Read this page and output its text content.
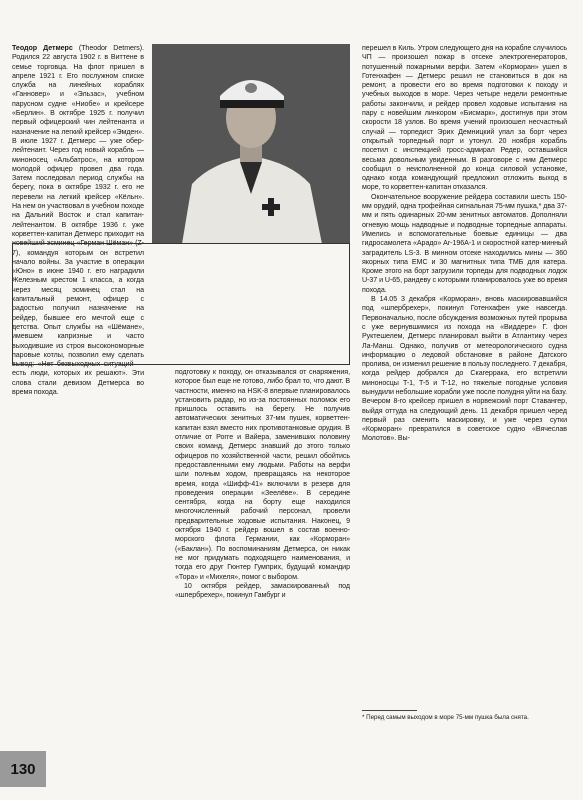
Теодор Детмерс (Theodor Detmers). Родился 22 августа 1902 г. в Виттене в семье торговца. На флот пришел в апреле 1921 г. Его послужном списке служба на линейных кораблях «Ганновер» и «Эльзас», учебном парусном судне «Ниобе» и крейсере «Берлин». В октябре 1925 г. получил первый офицерский чин лейтенанта и назначение на легкий крейсер «Эмден». В июле 1927 г. Детмерс — уже обер-лейтенант. Через год новый корабль — миноносец «Альбатрос», на котором молодой офицер провел два года. Затем последовал период службы на берегу, пока в октябре 1932 г. его не перевели на легкий крейсер «Кёльн». На нем он участвовал в учебном походе на Дальний Восток и стал капитан-лейтенантом. В октябре 1936 г. уже корветтен-капитан Детмерс приходит на новейший эсминец «Герман Шёман» (Z-7), командуя которым он встретил начало войны. За участие в операции «Юно» в июне 1940 г. его наградили Железным крестом 1 класса, а когда через месяц эсминец стал на капитальный ремонт, офицер с радостью получил назначение на рейдер, бывшее его мечтой еще с детства. Опыт службы на «Шёмане», имевшем капризные и часто выходившие из строя высокономорные паровые котлы, позволил ему сделать вывод: «Нет безвыходных ситуаций — есть люди, которых их решают». Эти слова стали девизом Детмерса во время похода.

подготовку к походу, он отказывался от снаряжения, которое был еще не готово, либо брал то, что дают. В частности, именно на HSK-8 впервые планировалось установить радар, но из-за постоянных поломок его пришлось оставить на берегу. Не получив автоматических зенитных 37-мм пушек, корветтен-капитан взял вместо них противотанковые орудия. В отличие от Рогге и Вайера, заменивших половину своих команд, Детмерс знавший до этого только офицеров по хозяйственной части, решил обойтись предоставленными ему людьми. Работы на верфи шли полным ходом, превращаясь на некоторое время, когда «Шифф-41» включили в резерв для проведения операции «Зеелёве». В середине сентября, когда на борту еще находился многочисленный рабочий персонал, провели предварительные ходовые испытания. Наконец, 9 октября 1940 г. рейдер вошел в состав военно-морского флота Германии, как «Корморан» («Баклан»). По воспоминаниям Детмерса, он никак не мог придумать подходящего наименования, и тогда его друг Гюнтер Гумприх, будущий командир «Тора» и «Михеля», помог с выбором.

10 октября рейдер, замаскированный под «шпербрехер», покинул Гамбург и

перешел в Киль. Утром следующего дня на корабле случилось ЧП — произошел пожар в отсеке электрогенераторов, потушенный пожарными верфи. Затем «Корморан» ушел в Готенхафен — Детмерс решил не становиться в док на ремонт, а провести его во время подготовки к походу и учебных выходов в море. Через четыре недели ремонтные работы закончили, и рейдер провел ходовые испытания на пару с новейшим линкором «Бисмарк», достигнув при этом скорости 18 узлов. Во время учений произошел несчастный случай — торпедист Эрих Демницкий упал за борт через открытый торпедный порт и утонул. 20 ноября корабль посетил с инспекцией гросс-адмирал Редер, оставшийся весьма довольным увиденным. В разговоре с ним Детмерс сообщил о неисполненной до конца силовой установке, однако когда командующий предложил отложить выход в море, то корветтен-капитан отказался.

Окончательное вооружение рейдера составили шесть 150-мм орудий, одна трофейная сигнальная 75-мм пушка,* два 37-мм и пять одинарных 20-мм зенитных автоматов. Дополняли огневую мощь надводные и подводные торпедные аппараты. Имелись и вспомогательные боевые единицы — два гидросамолета «Арадо» Ar-196A-1 и скоростной катер-минный заградитель LS-3. В минном отсеке находились мины — 360 якорных типа ЕМС и 30 магнитных типа ТМБ для катера. Кроме этого на борт загрузили торпеды для подводных лодок U-37 и U-65, рандеву с которыми планировалось уже во время похода.

В 14.05 3 декабря «Корморан», вновь маскировавшийся под «шпербрехер», покинул Готенхафен уже навсегда. Первоначально, после обсуждения возможных путей прорыва с уже вернувшимися из похода на «Виддере» Г. фон Руктешелем, Детмерс планировал выйти в Атлантику через Ла-Манш. Однако, получив от метеорологического судна информацию о ледовой обстановке в районе Датского пролива, он изменил решение в пользу последнего. 7 декабря, когда рейдер добрался до Скагеррака, его встретили миноносцы T-1, T-5 и T-12, но тяжелые погодные условия вынудили небольшие корабли уже после полудня уйти на базу. Вечером 8-го крейсер пришел в норвежский порт Ставангер, выйдя оттуда на следующий день. 11 декабря пришел черед первый раз сменить маскировку, и уже через сутки «Корморан» превратился в советское судно «Вячеслав Молотов». Вы-

* Перед самым выходом в море 75-мм пушка была снята.
130
